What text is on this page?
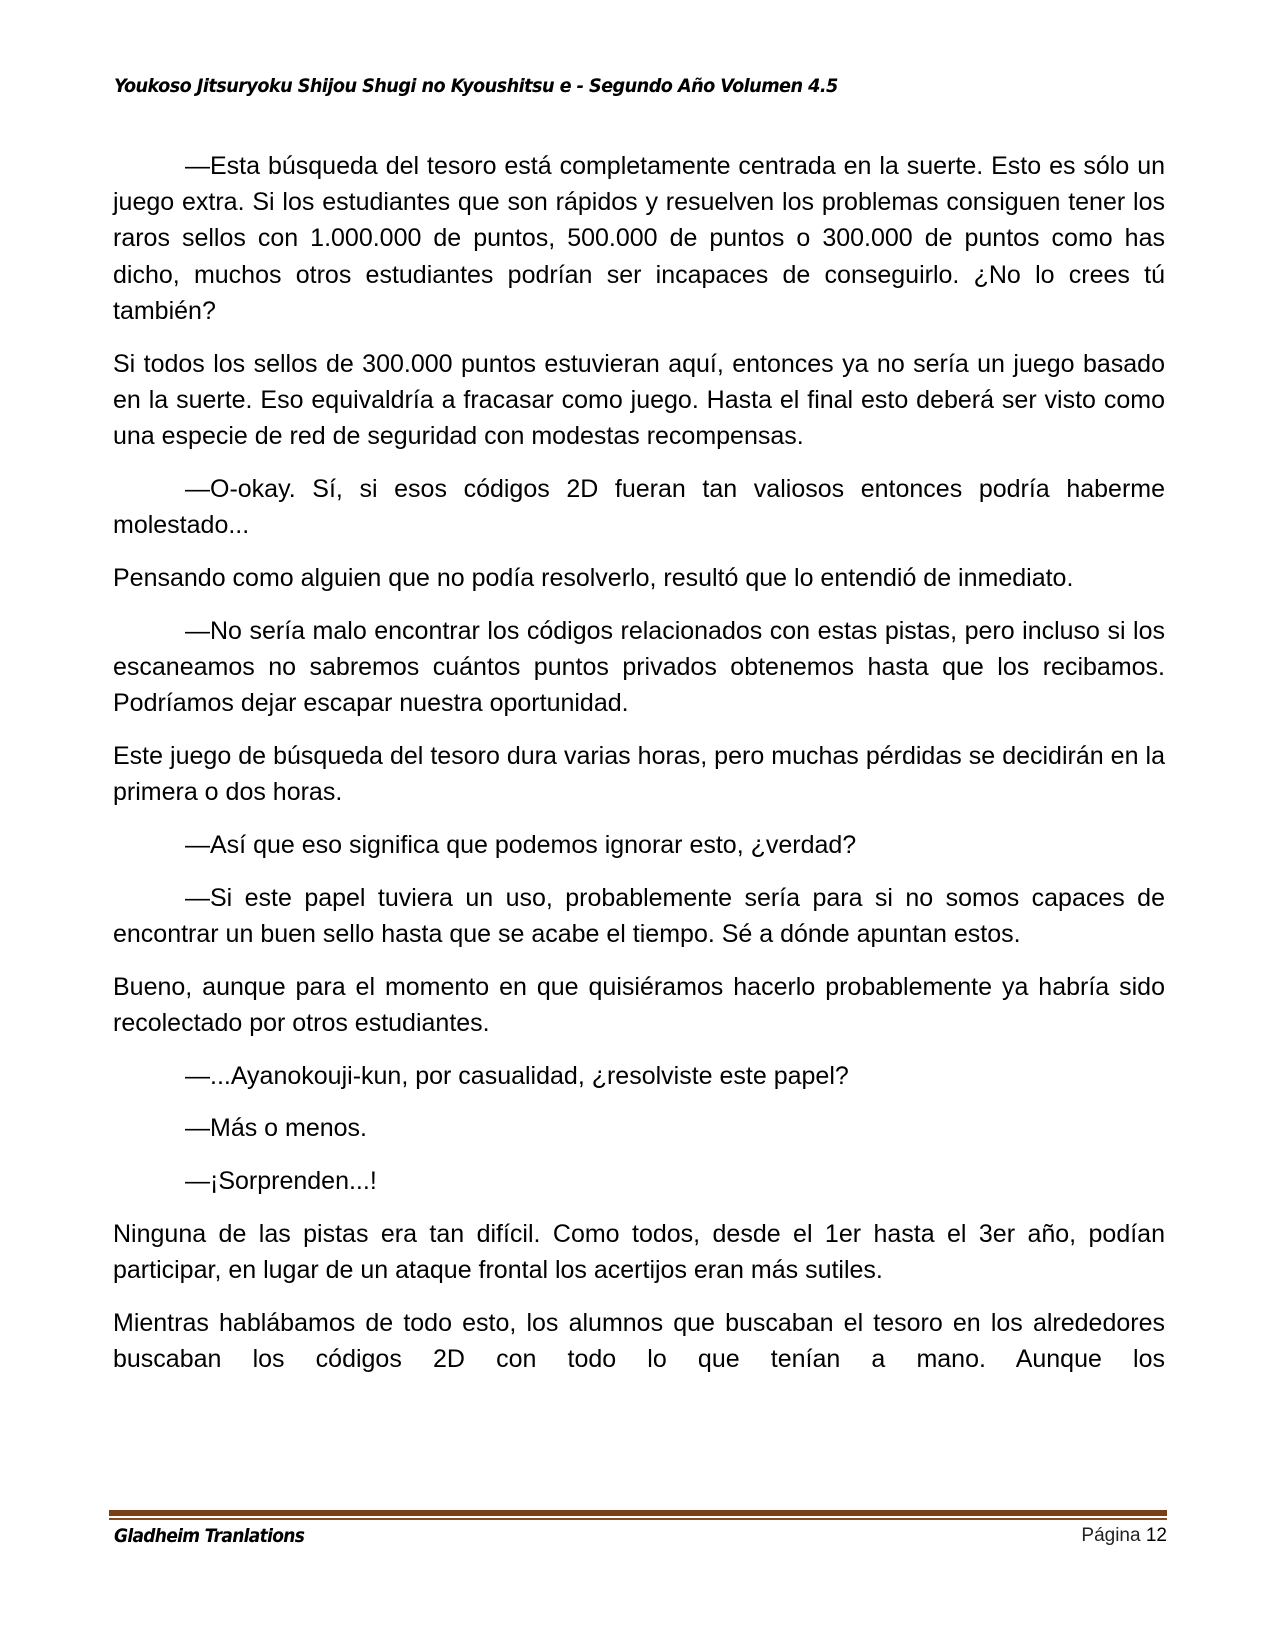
Youkoso Jitsuryoku Shijou Shugi no Kyoushitsu e - Segundo Año Volumen 4.5

—Esta búsqueda del tesoro está completamente centrada en la suerte. Esto es sólo un juego extra. Si los estudiantes que son rápidos y resuelven los problemas consiguen tener los raros sellos con 1.000.000 de puntos, 500.000 de puntos o 300.000 de puntos como has dicho, muchos otros estudiantes podrían ser incapaces de conseguirlo. ¿No lo crees tú también?

Si todos los sellos de 300.000 puntos estuvieran aquí, entonces ya no sería un juego basado en la suerte. Eso equivaldría a fracasar como juego. Hasta el final esto deberá ser visto como una especie de red de seguridad con modestas recompensas.

—O-okay. Sí, si esos códigos 2D fueran tan valiosos entonces podría haberme molestado...

Pensando como alguien que no podía resolverlo, resultó que lo entendió de inmediato.

—No sería malo encontrar los códigos relacionados con estas pistas, pero incluso si los escaneamos no sabremos cuántos puntos privados obtenemos hasta que los recibamos. Podríamos dejar escapar nuestra oportunidad.

Este juego de búsqueda del tesoro dura varias horas, pero muchas pérdidas se decidirán en la primera o dos horas.

—Así que eso significa que podemos ignorar esto, ¿verdad?

—Si este papel tuviera un uso, probablemente sería para si no somos capaces de encontrar un buen sello hasta que se acabe el tiempo. Sé a dónde apuntan estos.

Bueno, aunque para el momento en que quisiéramos hacerlo probablemente ya habría sido recolectado por otros estudiantes.

—...Ayanokouji-kun, por casualidad, ¿resolviste este papel?

—Más o menos.

—¡Sorprenden...!

Ninguna de las pistas era tan difícil. Como todos, desde el 1er hasta el 3er año, podían participar, en lugar de un ataque frontal los acertijos eran más sutiles.

Mientras hablábamos de todo esto, los alumnos que buscaban el tesoro en los alrededores buscaban los códigos 2D con todo lo que tenían a mano. Aunque los

Gladheim Tranlations	Página 12
